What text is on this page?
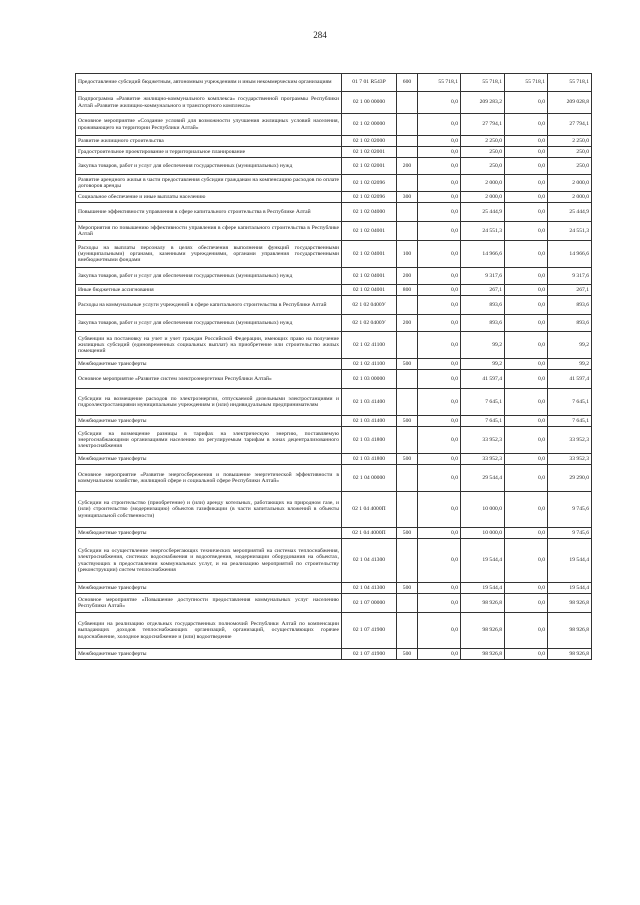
284
Предоставление субсидий бюджетным, автономным учреждениям и иным некоммерческим организациям	01 7 01 R543P	600	55 718,1	55 718,1	55 718,1	55 718,1
Подпрограмма «Развитие жилищно-коммунального комплекса» государственной программы Республики Алтай «Развитие жилищно-коммунального и транспортного комплекса»	02 1 00 00000		0,0	209 283,2	0,0	209 028,8
Основное мероприятие «Создание условий для возможности улучшения жилищных условий населения, проживающего на территории Республики Алтай»	02 1 02 00000		0,0	27 794,1	0,0	27 794,1
Развитие жилищного строительства	02 1 02 02000		0,0	2 250,0	0,0	2 250,0
Градостроительное проектирование и территориальное планирование	02 1 02 02001		0,0	250,0	0,0	250,0
Закупка товаров, работ и услуг для обеспечения государственных (муниципальных) нужд	02 1 02 02001	200	0,0	250,0	0,0	250,0
Развитие арендного жилья в части предоставления субсидии гражданам на компенсацию расходов по оплате договоров аренды	02 1 02 02096		0,0	2 000,0	0,0	2 000,0
Социальное обеспечение и иные выплаты населению	02 1 02 02096	300	0,0	2 000,0	0,0	2 000,0
Повышение эффективности управления в сфере капитального строительства в Республике Алтай	02 1 02 04000		0,0	25 444,9	0,0	25 444,9
Мероприятия по повышению эффективности управления в сфере капитального строительства в Республике Алтай	02 1 02 04001		0,0	24 551,3	0,0	24 551,3
Расходы на выплаты персоналу в целях обеспечения выполнения функций государственными (муниципальными) органами, казенными учреждениями, органами управления государственными внебюджетными фондами	02 1 02 04001	100	0,0	14 966,6	0,0	14 966,6
Закупка товаров, работ и услуг для обеспечения государственных (муниципальных) нужд	02 1 02 04001	200	0,0	9 317,6	0,0	9 317,6
Иные бюджетные ассигнования	02 1 02 04001	800	0,0	267,1	0,0	267,1
Расходы на коммунальные услуги учреждений в сфере капитального строительства в Республике Алтай	02 1 02 0400У		0,0	893,6	0,0	893,6
Закупка товаров, работ и услуг для обеспечения государственных (муниципальных) нужд	02 1 02 0400У	200	0,0	893,6	0,0	893,6
Субвенции на постановку на учет и учет граждан Российской Федерации, имеющих право на получение жилищных субсидий (единовременных социальных выплат) на приобретение или строительство жилых помещений	02 1 02 41100		0,0	99,2	0,0	99,2
Межбюджетные трансферты	02 1 02 41100	500	0,0	99,2	0,0	99,2
Основное мероприятие «Развитие систем электроэнергетики Республики Алтай»	02 1 03 00000		0,0	41 597,4	0,0	41 597,4
Субсидии на возмещение расходов по электроэнергии, отпускаемой дизельными электростанциями и гидроэлектростанциями муниципальным учреждениям и (или) индивидуальным предпринимателям	02 1 03 41400		0,0	7 645,1	0,0	7 645,1
Межбюджетные трансферты	02 1 03 41400	500	0,0	7 645,1	0,0	7 645,1
Субсидии на возмещение разницы в тарифах на электрическую энергию, поставляемую энергоснабжающими организациями населению по регулируемым тарифам в зонах децентрализованного электроснабжения	02 1 03 41800		0,0	33 952,3	0,0	33 952,3
Межбюджетные трансферты	02 1 03 41800	500	0,0	33 952,3	0,0	33 952,3
Основное мероприятие «Развитие энергосбережения и повышение энергетической эффективности в коммунальном хозяйстве, жилищной сфере и социальной сфере Республики Алтай»	02 1 04 00000		0,0	29 544,4	0,0	29 290,0
Субсидии на строительство (приобретение) и (или) аренду котельных, работающих на природном газе, и (или) строительство (модернизацию) объектов газификации (в части капитальных вложений в объекты муниципальной собственности)	02 1 04 4000П		0,0	10 000,0	0,0	9 745,6
Межбюджетные трансферты	02 1 04 4000П	500	0,0	10 000,0	0,0	9 745,6
Субсидии на осуществление энергосберегающих технических мероприятий на системах теплоснабжения, электроснабжения, системах водоснабжения и водоотведения, модернизации оборудования на объектах, участвующих в предоставлении коммунальных услуг, и на реализацию мероприятий по строительству (реконструкции) систем теплоснабжения	02 1 04 41300		0,0	19 544,4	0,0	19 544,4
Межбюджетные трансферты	02 1 04 41300	500	0,0	19 544,4	0,0	19 544,4
Основное мероприятие «Повышение доступности предоставления коммунальных услуг населению Республики Алтай»	02 1 07 00000		0,0	98 926,8	0,0	98 926,8
Субвенции на реализацию отдельных государственных полномочий Республики Алтай по компенсации выпадающих доходов теплоснабжающих организаций, организаций, осуществляющих горячее водоснабжение, холодное водоснабжение и (или) водоотведение	02 1 07 41900		0,0	98 926,8	0,0	98 926,8
Межбюджетные трансферты	02 1 07 41900	500	0,0	98 926,8	0,0	98 926,8
